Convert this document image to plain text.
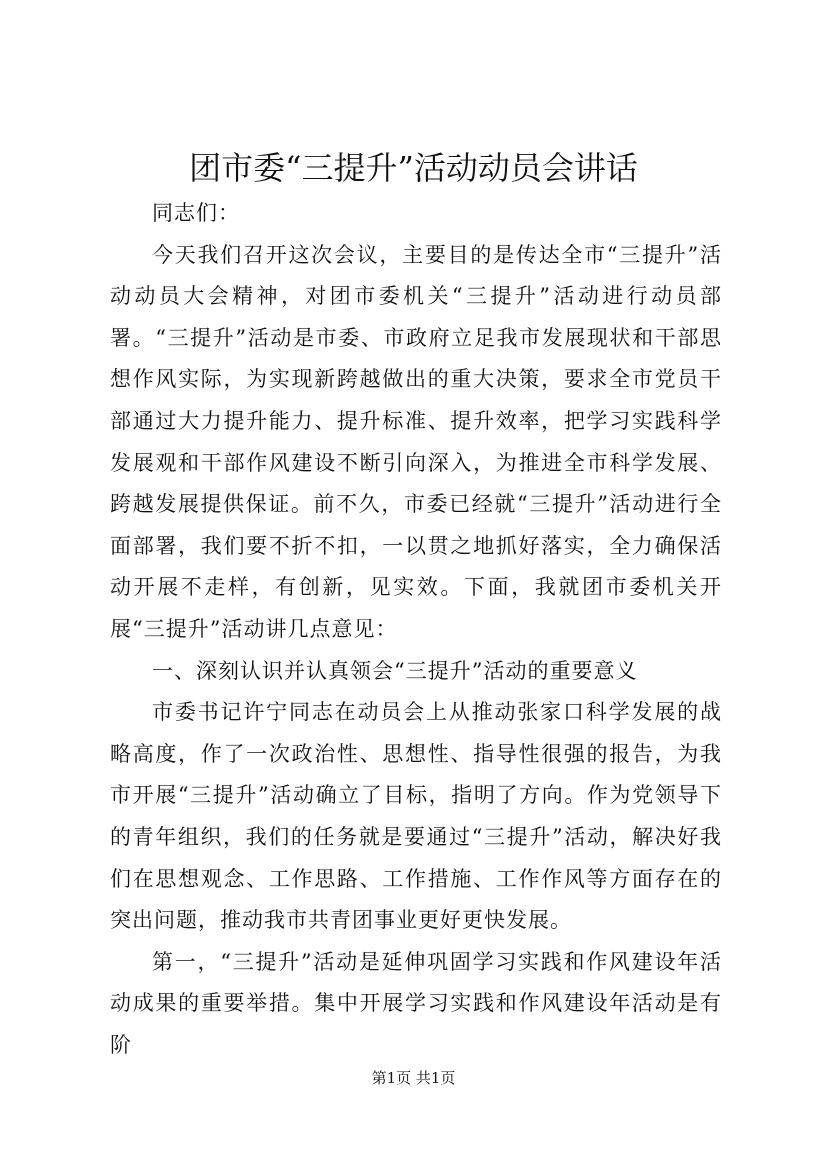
团市委“三提升”活动动员会讲话

同志们：

今天我们召开这次会议，主要目的是传达全市“三提升”活动动员大会精神，对团市委机关“三提升”活动进行动员部署。“三提升”活动是市委、市政府立足我市发展现状和干部思想作风实际，为实现新跨越做出的重大决策，要求全市党员干部通过大力提升能力、提升标准、提升效率，把学习实践科学发展观和干部作风建设不断引向深入，为推进全市科学发展、跨越发展提供保证。前不久，市委已经就“三提升”活动进行全面部署，我们要不折不扣，一以贯之地抓好落实，全力确保活动开展不走样，有创新，见实效。下面，我就团市委机关开展“三提升”活动讲几点意见：

一、深刻认识并认真领会“三提升”活动的重要意义

市委书记许宁同志在动员会上从推动张家口科学发展的战略高度，作了一次政治性、思想性、指导性很强的报告，为我市开展“三提升”活动确立了目标，指明了方向。作为党领导下的青年组织，我们的任务就是要通过“三提升”活动，解决好我们在思想观念、工作思路、工作措施、工作作风等方面存在的突出问题，推动我市共青团事业更好更快发展。

第一，“三提升”活动是延伸巩固学习实践和作风建设年活动成果的重要举措。集中开展学习实践和作风建设年活动是有阶

第1页 共1页
